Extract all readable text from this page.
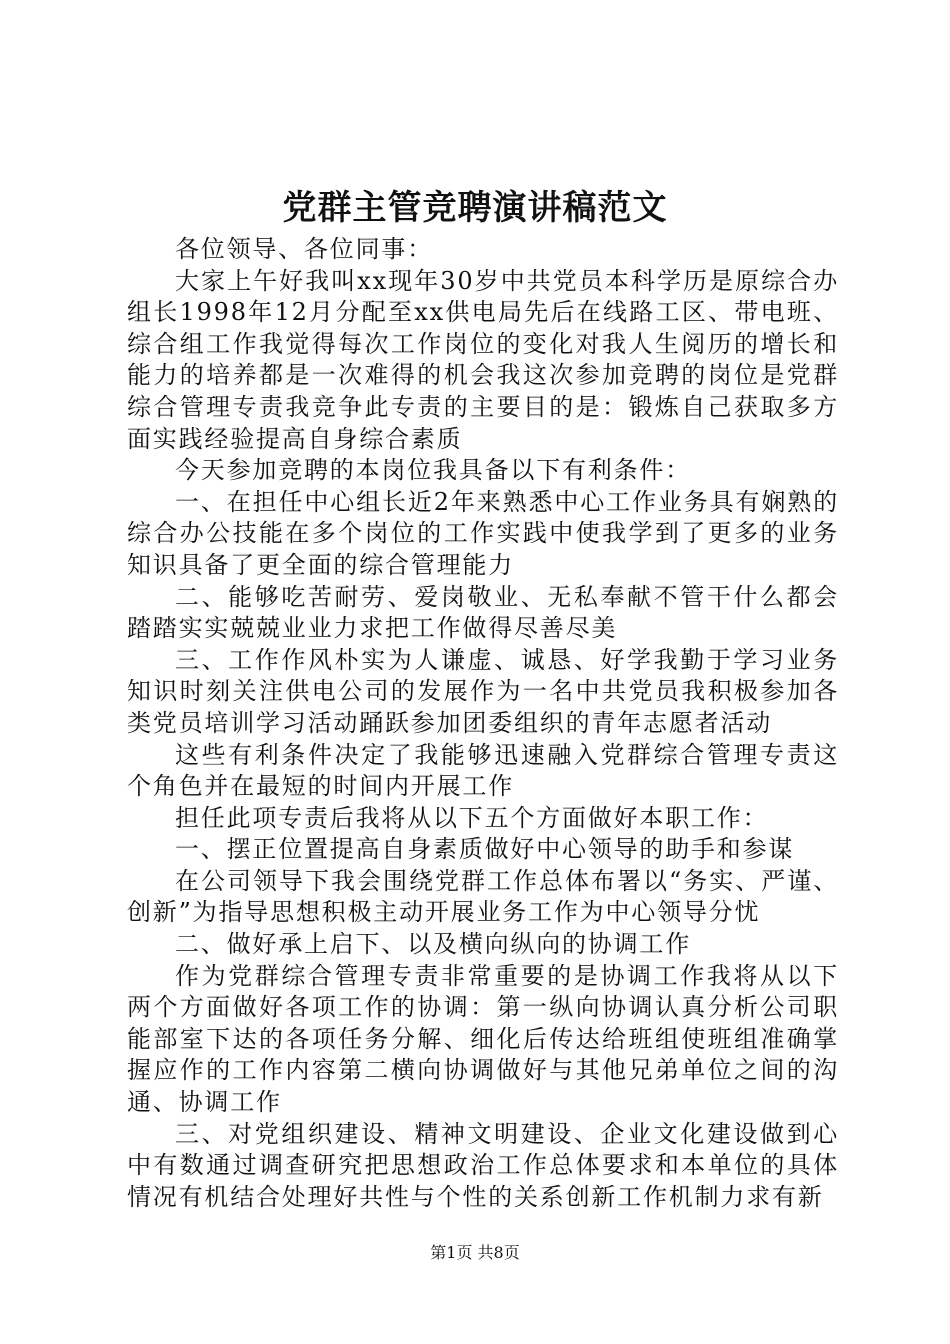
党群主管竞聘演讲稿范文

各位领导、各位同事：

大家上午好我叫xx现年30岁中共党员本科学历是原综合办组长1998年12月分配至xx供电局先后在线路工区、带电班、综合组工作我觉得每次工作岗位的变化对我人生阅历的增长和能力的培养都是一次难得的机会我这次参加竞聘的岗位是党群综合管理专责我竞争此专责的主要目的是：锻炼自己获取多方面实践经验提高自身综合素质

今天参加竞聘的本岗位我具备以下有利条件：

一、在担任中心组长近2年来熟悉中心工作业务具有娴熟的综合办公技能在多个岗位的工作实践中使我学到了更多的业务知识具备了更全面的综合管理能力

二、能够吃苦耐劳、爱岗敬业、无私奉献不管干什么都会踏踏实实兢兢业业力求把工作做得尽善尽美

三、工作作风朴实为人谦虚、诚恳、好学我勤于学习业务知识时刻关注供电公司的发展作为一名中共党员我积极参加各类党员培训学习活动踊跃参加团委组织的青年志愿者活动

这些有利条件决定了我能够迅速融入党群综合管理专责这个角色并在最短的时间内开展工作

担任此项专责后我将从以下五个方面做好本职工作：

一、摆正位置提高自身素质做好中心领导的助手和参谋

在公司领导下我会围绕党群工作总体布署以“务实、严谨、创新”为指导思想积极主动开展业务工作为中心领导分忧

二、做好承上启下、以及横向纵向的协调工作

作为党群综合管理专责非常重要的是协调工作我将从以下两个方面做好各项工作的协调：第一纵向协调认真分析公司职能部室下达的各项任务分解、细化后传达给班组使班组准确掌握应作的工作内容第二横向协调做好与其他兄弟单位之间的沟通、协调工作

三、对党组织建设、精神文明建设、企业文化建设做到心中有数通过调查研究把思想政治工作总体要求和本单位的具体情况有机结合处理好共性与个性的关系创新工作机制力求有新

第1页 共8页
